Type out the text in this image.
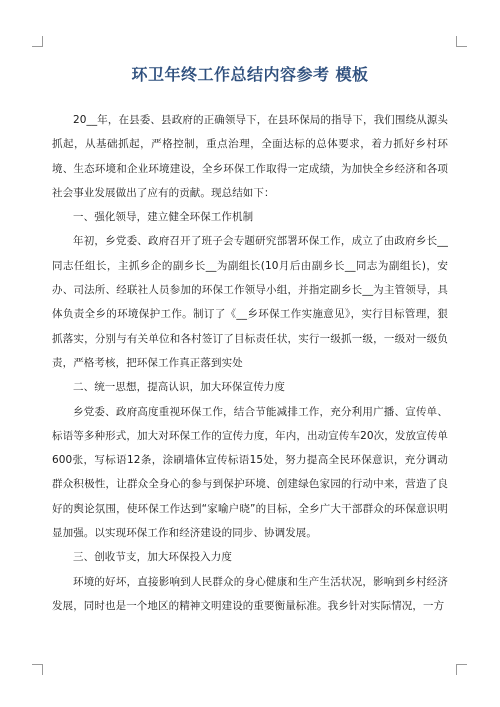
环卫年终工作总结内容参考 模板

20__年，在县委、县政府的正确领导下，在县环保局的指导下，我们围绕从源头抓起，从基础抓起，严格控制，重点治理，全面达标的总体要求，着力抓好乡村环境、生态环境和企业环境建设，全乡环保工作取得一定成绩，为加快全乡经济和各项社会事业发展做出了应有的贡献。现总结如下：

一、强化领导，建立健全环保工作机制

年初，乡党委、政府召开了班子会专题研究部署环保工作，成立了由政府乡长__同志任组长，主抓乡企的副乡长__为副组长(10月后由副乡长__同志为副组长)，安办、司法所、经联社人员参加的环保工作领导小组，并指定副乡长__为主管领导，具体负责全乡的环境保护工作。制订了《__乡环保工作实施意见》，实行目标管理，狠抓落实，分别与有关单位和各村签订了目标责任状，实行一级抓一级，一级对一级负责，严格考核，把环保工作真正落到实处

二、统一思想，提高认识，加大环保宣传力度

乡党委、政府高度重视环保工作，结合节能减排工作，充分利用广播、宣传单、标语等多种形式，加大对环保工作的宣传力度，年内，出动宣传车20次，发放宣传单600张，写标语12条，涂刷墙体宣传标语15处，努力提高全民环保意识，充分调动群众积极性，让群众全身心的参与到保护环境、创建绿色家园的行动中来，营造了良好的舆论氛围，使环保工作达到“家喻户晓”的目标，全乡广大干部群众的环保意识明显加强。以实现环保工作和经济建设的同步、协调发展。

三、创收节支，加大环保投入力度

环境的好坏，直接影响到人民群众的身心健康和生产生活状况，影响到乡村经济发展，同时也是一个地区的精神文明建设的重要衡量标准。我乡针对实际情况，一方
